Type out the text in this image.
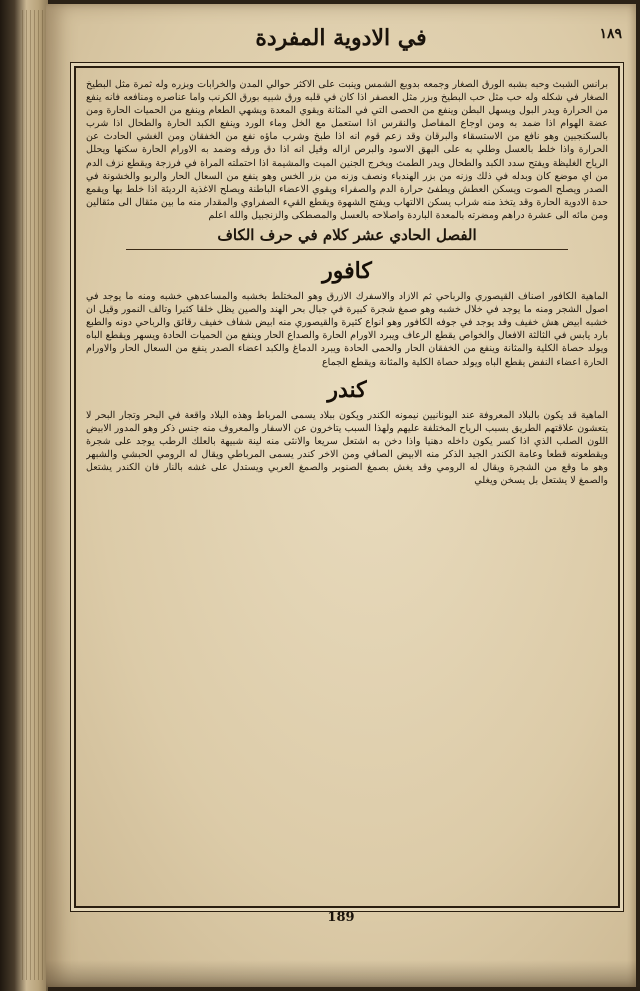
في الادوية المفردة	١٨٩

برانس الشبث وحبه بشبه الورق الصغار وجمعه بدوبع الشمس وينبت على الاكثر حوالي المدن والخرابات وبزره وله ثمرة مثل البطيخ الصغار في شكله وله حب مثل حب البطيخ وبزر مثل العصفر اذا كان في قلبه ورق شبيه بورق الكرنب واما عناصره ومنافعه فانه ينفع من الحرارة ويدر البول ويسهل البطن وينفع من الحصى التي في المثانة ويقوي المعدة ويشهي الطعام وينفع من الحميات الحارة ومن عضة الهوام اذا ضمد به ومن اوجاع المفاصل والنقرس اذا استعمل مع الخل وماء الورد وينفع الكبد الحارة والطحال اذا شرب بالسكنجبين وهو نافع من الاستسقاء والبرقان وقد زعم قوم انه اذا طبخ وشرب ماؤه نفع من الخفقان ومن الغشي الحادث عن الحرارة واذا خلط بالعسل وطلي به على البهق الاسود والبرص ازاله وقيل انه اذا دق ورقه وضمد به الاورام الحارة سكنها ويحلل الرياح الغليظة ويفتح سدد الكبد والطحال ويدر الطمث ويخرج الجنين الميت والمشيمة اذا احتملته المراة في فرزجة ويقطع نزف الدم من اي موضع كان وبدله في ذلك وزنه من بزر الهندباء ونصف وزنه من بزر الخس وهو ينفع من السعال الحار والربو والخشونة في الصدر ويصلح الصوت ويسكن العطش ويطفئ حرارة الدم والصفراء ويقوي الاعضاء الباطنة ويصلح الاغذية الرديئة اذا خلط بها ويقمع حدة الادوية الحارة وقد يتخذ منه شراب يسكن الالتهاب ويفتح الشهوة ويقطع القيء الصفراوي والمقدار منه ما بين مثقال الى مثقالين ومن مائه الى عشرة دراهم ومضرته بالمعدة الباردة واصلاحه بالعسل والمصطكى والزنجبيل والله اعلم

الفصل الحادي عشر كلام في حرف الكاف
كافور

الماهية الكافور اصناف القيصوري والرباحي ثم الازاد والاسفرك الازرق وهو المختلط بخشبه والمساعدهي خشبه ومنه ما يوجد في اصول الشجر ومنه ما يوجد في خلال خشبه وهو صمغ شجرة كبيرة في جبال بحر الهند والصين يظل خلقا كثيرا وتالف النمور وقيل ان خشبه ابيض هش خفيف وقد يوجد في جوفه الكافور وهو انواع كثيرة والقيصوري منه ابيض شفاف خفيف رقائق والرباحي دونه والطبع بارد يابس في الثالثة الافعال والخواص يقطع الرعاف ويبرد الاورام الحارة والصداع الحار وينفع من الحميات الحادة ويسهر ويقطع الباه ويولد حصاة الكلية والمثانة وينفع من الخفقان الحار والحمى الحادة ويبرد الدماغ والكبد اعضاء الصدر ينفع من السعال الحار والاورام الحارة اعضاء النفض يقطع الباه ويولد حصاة الكلية والمثانة ويقطع الجماع

كندر

الماهية قد يكون بالبلاد المعروفة عند اليونانيين نيمونه الكندر ويكون ببلاد يسمى المرباط وهذه البلاد واقعة في البحر وتجار البحر لا يتعشون علاقتهم الطريق بسبب الرياح المختلفة عليهم ولهذا السبب يتاخرون عن الاسفار والمعروف منه جنس ذكر وهو المدور الابيض اللون الصلب الذي اذا كسر يكون داخله دهنيا واذا دخن به اشتعل سريعا والانثى منه لينة شبيهة بالعلك الرطب يوجد على شجرة ويقطعونه قطعا وعامة الكندر الجيد الذكر منه الابيض الصافي ومن الاخر كندر يسمى المرباطي ويقال له الرومي الحبشي والشبهر وهو ما وقع من الشجرة ويقال له الرومي وقد يغش بصمغ الصنوبر والصمغ العربي ويستدل على غشه بالنار فان الكندر يشتعل والصمغ لا يشتعل بل يسخن ويغلي

189
